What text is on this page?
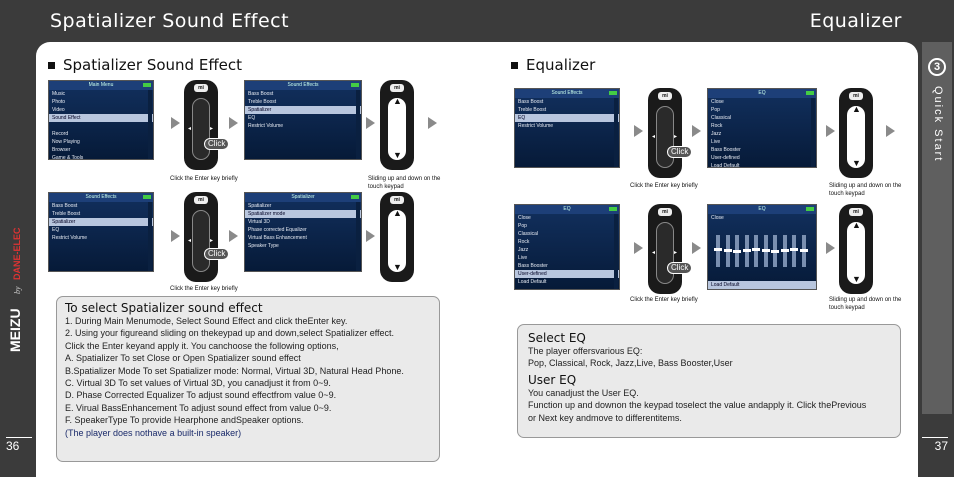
Spatializer Sound Effect	Equalizer
MEIZU
by
DANE-ELEC
3
Quick Start
36	37
Spatializer Sound Effect	Equalizer
Main Menu
Music
Photo
Video
Sound Effect
Record
Now Playing
Browser
Game & Tools
mi
◂	▸
Click
Sound Effects
Bass Boost
Treble Boost
Spatializer
EQ
Restrict Volume
mi
▲
▼
Click the Enter key briefly	Sliding up and down on the touch keypad
Sound Effects
Bass Boost
Treble Boost
Spatializer
EQ
Restrict Volume
mi
◂	▸
Click
Spatializer
Spatializer
Spatializer mode
Virtual 3D
Phase corrected Equalizer
Virtual Bass Enhancement
Speaker Type
mi
▲
▼
Click the Enter key briefly
To select Spatializer sound effect
1. During Main Menumode, Select Sound Effect and click theEnter key.
2. Using your figureand sliding on thekeypad up and down,select Spatializer effect.
Click the Enter keyand apply it. You canchoose the following options,
A. Spatializer To set Close or Open Spatializer sound effect
B.Spatializer Mode To set Spatializer mode: Normal, Virtual 3D, Natural Head Phone.
C. Virtual 3D To set values of Virtual 3D, you canadjust it from 0~9.
D. Phase Corrected Equalizer To adjust sound effectfrom value 0~9.
E. Virual BassEnhancement To adjust sound effect from value 0~9.
F. SpeakerType To provide Hearphone andSpeaker options.
(The player does nothave a built-in speaker)
Sound Effects
Bass Boost
Treble Boost
EQ
Restrict Volume
mi
◂	▸
Click
EQ
Close
Pop
Classical
Rock
Jazz
Live
Bass Booster
User-defined
Load Default
mi
▲
▼
Click the Enter key briefly	Sliding up and down on the touch keypad
EQ
Close
Pop
Classical
Rock
Jazz
Live
Bass Booster
User-defined
Load Default
mi
◂	▸
Click
EQ
Close
Load Default
mi
▲
▼
Click the Enter key briefly	Sliding up and down on the touch keypad
Select EQ
The player offersvarious EQ:
Pop, Classical, Rock, Jazz,Live, Bass Booster,User
User EQ
You canadjust the User EQ.
Function up and downon the keypad toselect the value andapply it. Click thePrevious
or Next key andmove to differentitems.
